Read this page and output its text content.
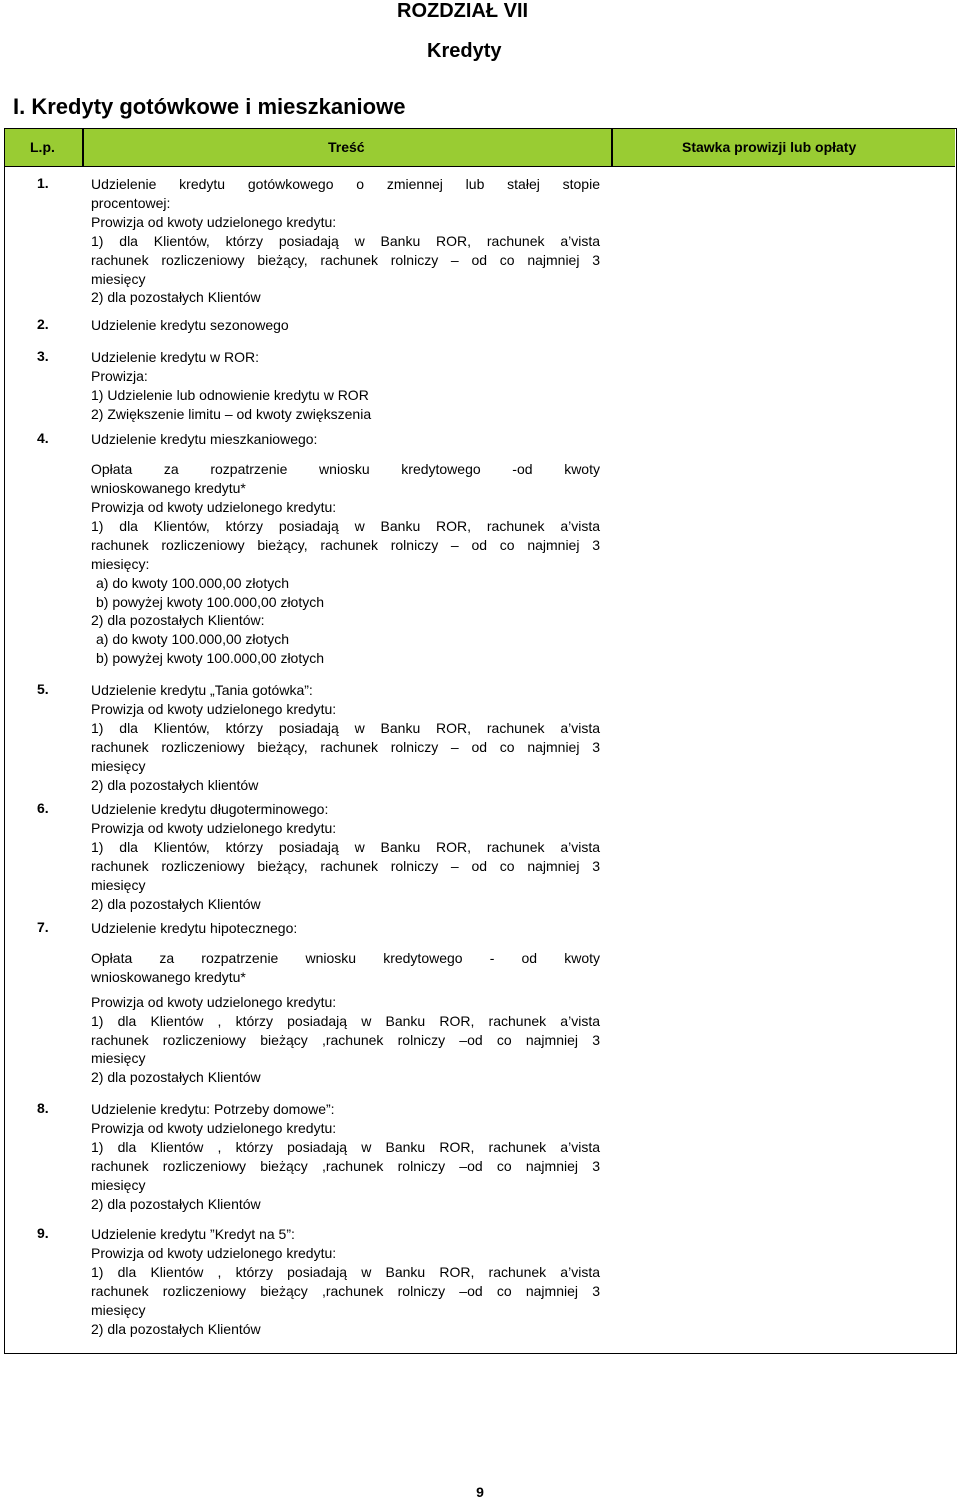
ROZDZIAŁ VII
Kredyty
I. Kredyty gotówkowe i mieszkaniowe
L.p.	Treść	Stawka prowizji lub opłaty
1.	Udzielenie kredytu gotówkowego o zmiennej lub stałej stopie
procentowej:
Prowizja od kwoty udzielonego kredytu:
1) dla Klientów, którzy posiadają w Banku ROR, rachunek a’vista
rachunek rozliczeniowy bieżący, rachunek rolniczy – od co najmniej 3
miesięcy
2) dla pozostałych Klientów
2.	Udzielenie kredytu sezonowego
3.	Udzielenie kredytu w ROR:
Prowizja:
1) Udzielenie lub odnowienie kredytu w ROR
2) Zwiększenie limitu – od kwoty zwiększenia
4.	Udzielenie kredytu mieszkaniowego:
Opłata za rozpatrzenie wniosku kredytowego -od kwoty
wnioskowanego kredytu*
Prowizja od kwoty udzielonego kredytu:
1) dla Klientów, którzy posiadają w Banku ROR, rachunek a’vista
rachunek rozliczeniowy bieżący, rachunek rolniczy – od co najmniej 3
miesięcy:
a) do kwoty 100.000,00 złotych
b) powyżej kwoty 100.000,00 złotych
2) dla pozostałych Klientów:
a) do kwoty 100.000,00 złotych
b) powyżej kwoty 100.000,00 złotych
5.	Udzielenie kredytu „Tania gotówka”:
Prowizja od kwoty udzielonego kredytu:
1) dla Klientów, którzy posiadają w Banku ROR, rachunek a’vista
rachunek rozliczeniowy bieżący, rachunek rolniczy – od co najmniej 3
miesięcy
2) dla pozostałych klientów
6.	Udzielenie kredytu długoterminowego:
Prowizja od kwoty udzielonego kredytu:
1) dla Klientów, którzy posiadają w Banku ROR, rachunek a’vista
rachunek rozliczeniowy bieżący, rachunek rolniczy – od co najmniej 3
miesięcy
2) dla pozostałych Klientów
7.	Udzielenie kredytu hipotecznego:
Opłata za rozpatrzenie wniosku kredytowego - od kwoty
wnioskowanego kredytu*
Prowizja od kwoty udzielonego kredytu:
1) dla Klientów , którzy posiadają w Banku ROR, rachunek a’vista
rachunek rozliczeniowy bieżący ,rachunek rolniczy –od co najmniej 3
miesięcy
2) dla pozostałych Klientów
8.	Udzielenie kredytu: Potrzeby domowe”:
Prowizja od kwoty udzielonego kredytu:
1) dla Klientów , którzy posiadają w Banku ROR, rachunek a’vista
rachunek rozliczeniowy bieżący ,rachunek rolniczy –od co najmniej 3
miesięcy
2) dla pozostałych Klientów
9.	Udzielenie kredytu ”Kredyt na 5”:
Prowizja od kwoty udzielonego kredytu:
1) dla Klientów , którzy posiadają w Banku ROR, rachunek a’vista
rachunek rozliczeniowy bieżący ,rachunek rolniczy –od co najmniej 3
miesięcy
2) dla pozostałych Klientów
9
